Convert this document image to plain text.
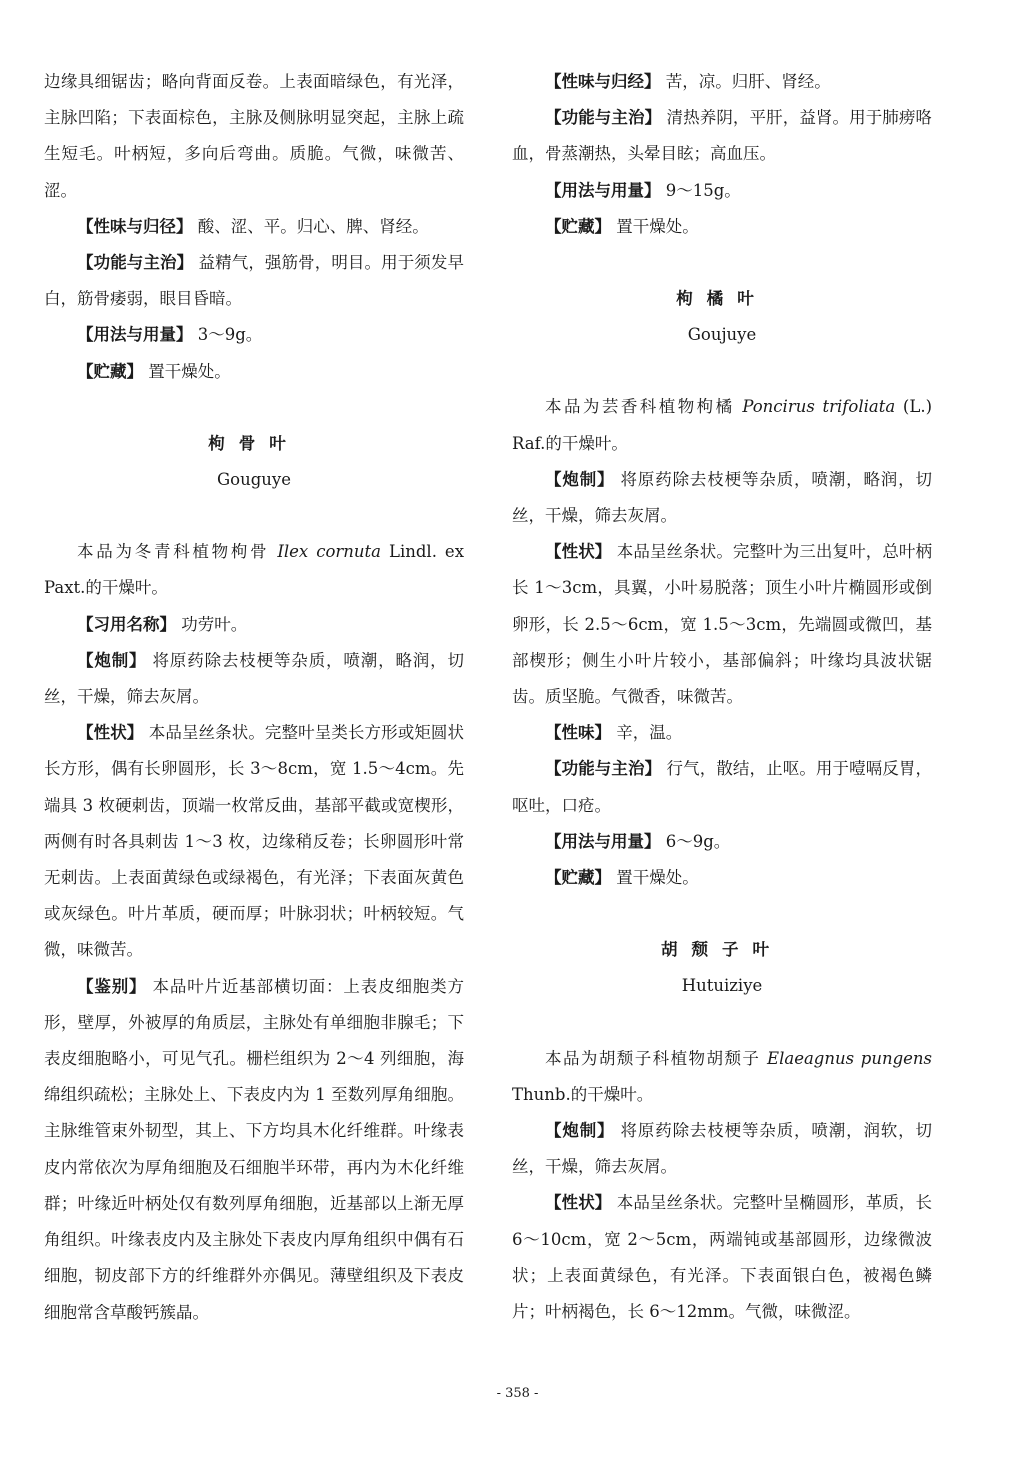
边缘具细锯齿；略向背面反卷。上表面暗绿色，有光泽，主脉凹陷；下表面棕色，主脉及侧脉明显突起，主脉上疏生短毛。叶柄短，多向后弯曲。质脆。气微，味微苦、涩。

【性味与归径】 酸、涩、平。归心、脾、肾经。

【功能与主治】 益精气，强筋骨，明目。用于须发早白，筋骨痿弱，眼目昏暗。

【用法与用量】 3～9g。

【贮藏】 置干燥处。

枸骨叶

Gouguye

本品为冬青科植物枸骨 Ilex cornuta Lindl. ex Paxt.的干燥叶。

【习用名称】 功劳叶。

【炮制】 将原药除去枝梗等杂质，喷潮，略润，切丝，干燥，筛去灰屑。

【性状】 本品呈丝条状。完整叶呈类长方形或矩圆状长方形，偶有长卵圆形，长 3～8cm，宽 1.5～4cm。先端具 3 枚硬刺齿，顶端一枚常反曲，基部平截或宽楔形，两侧有时各具刺齿 1～3 枚，边缘稍反卷；长卵圆形叶常无刺齿。上表面黄绿色或绿褐色，有光泽；下表面灰黄色或灰绿色。叶片革质，硬而厚；叶脉羽状；叶柄较短。气微，味微苦。

【鉴别】 本品叶片近基部横切面：上表皮细胞类方形，壁厚，外被厚的角质层，主脉处有单细胞非腺毛；下表皮细胞略小，可见气孔。栅栏组织为 2～4 列细胞，海绵组织疏松；主脉处上、下表皮内为 1 至数列厚角细胞。主脉维管束外韧型，其上、下方均具木化纤维群。叶缘表皮内常依次为厚角细胞及石细胞半环带，再内为木化纤维群；叶缘近叶柄处仅有数列厚角细胞，近基部以上渐无厚角组织。叶缘表皮内及主脉处下表皮内厚角组织中偶有石细胞，韧皮部下方的纤维群外亦偶见。薄壁组织及下表皮细胞常含草酸钙簇晶。

【性味与归经】 苦，凉。归肝、肾经。

【功能与主治】 清热养阴，平肝，益肾。用于肺痨咯血，骨蒸潮热，头晕目眩；高血压。

【用法与用量】 9～15g。

【贮藏】 置干燥处。

枸橘叶

Goujuye

本品为芸香科植物枸橘 Poncirus trifoliata (L.) Raf.的干燥叶。

【炮制】 将原药除去枝梗等杂质，喷潮，略润，切丝，干燥，筛去灰屑。

【性状】 本品呈丝条状。完整叶为三出复叶，总叶柄长 1～3cm，具翼，小叶易脱落；顶生小叶片椭圆形或倒卵形，长 2.5～6cm，宽 1.5～3cm，先端圆或微凹，基部楔形；侧生小叶片较小，基部偏斜；叶缘均具波状锯齿。质坚脆。气微香，味微苦。

【性味】 辛，温。

【功能与主治】 行气，散结，止呕。用于噎嗝反胃，呕吐，口疮。

【用法与用量】 6～9g。

【贮藏】 置干燥处。

胡颓子叶

Hutuiziye

本品为胡颓子科植物胡颓子 Elaeagnus pungens Thunb.的干燥叶。

【炮制】 将原药除去枝梗等杂质，喷潮，润软，切丝，干燥，筛去灰屑。

【性状】 本品呈丝条状。完整叶呈椭圆形，革质，长 6～10cm，宽 2～5cm，两端钝或基部圆形，边缘微波状；上表面黄绿色，有光泽。下表面银白色，被褐色鳞片；叶柄褐色，长 6～12mm。气微，味微涩。

- 358 -
